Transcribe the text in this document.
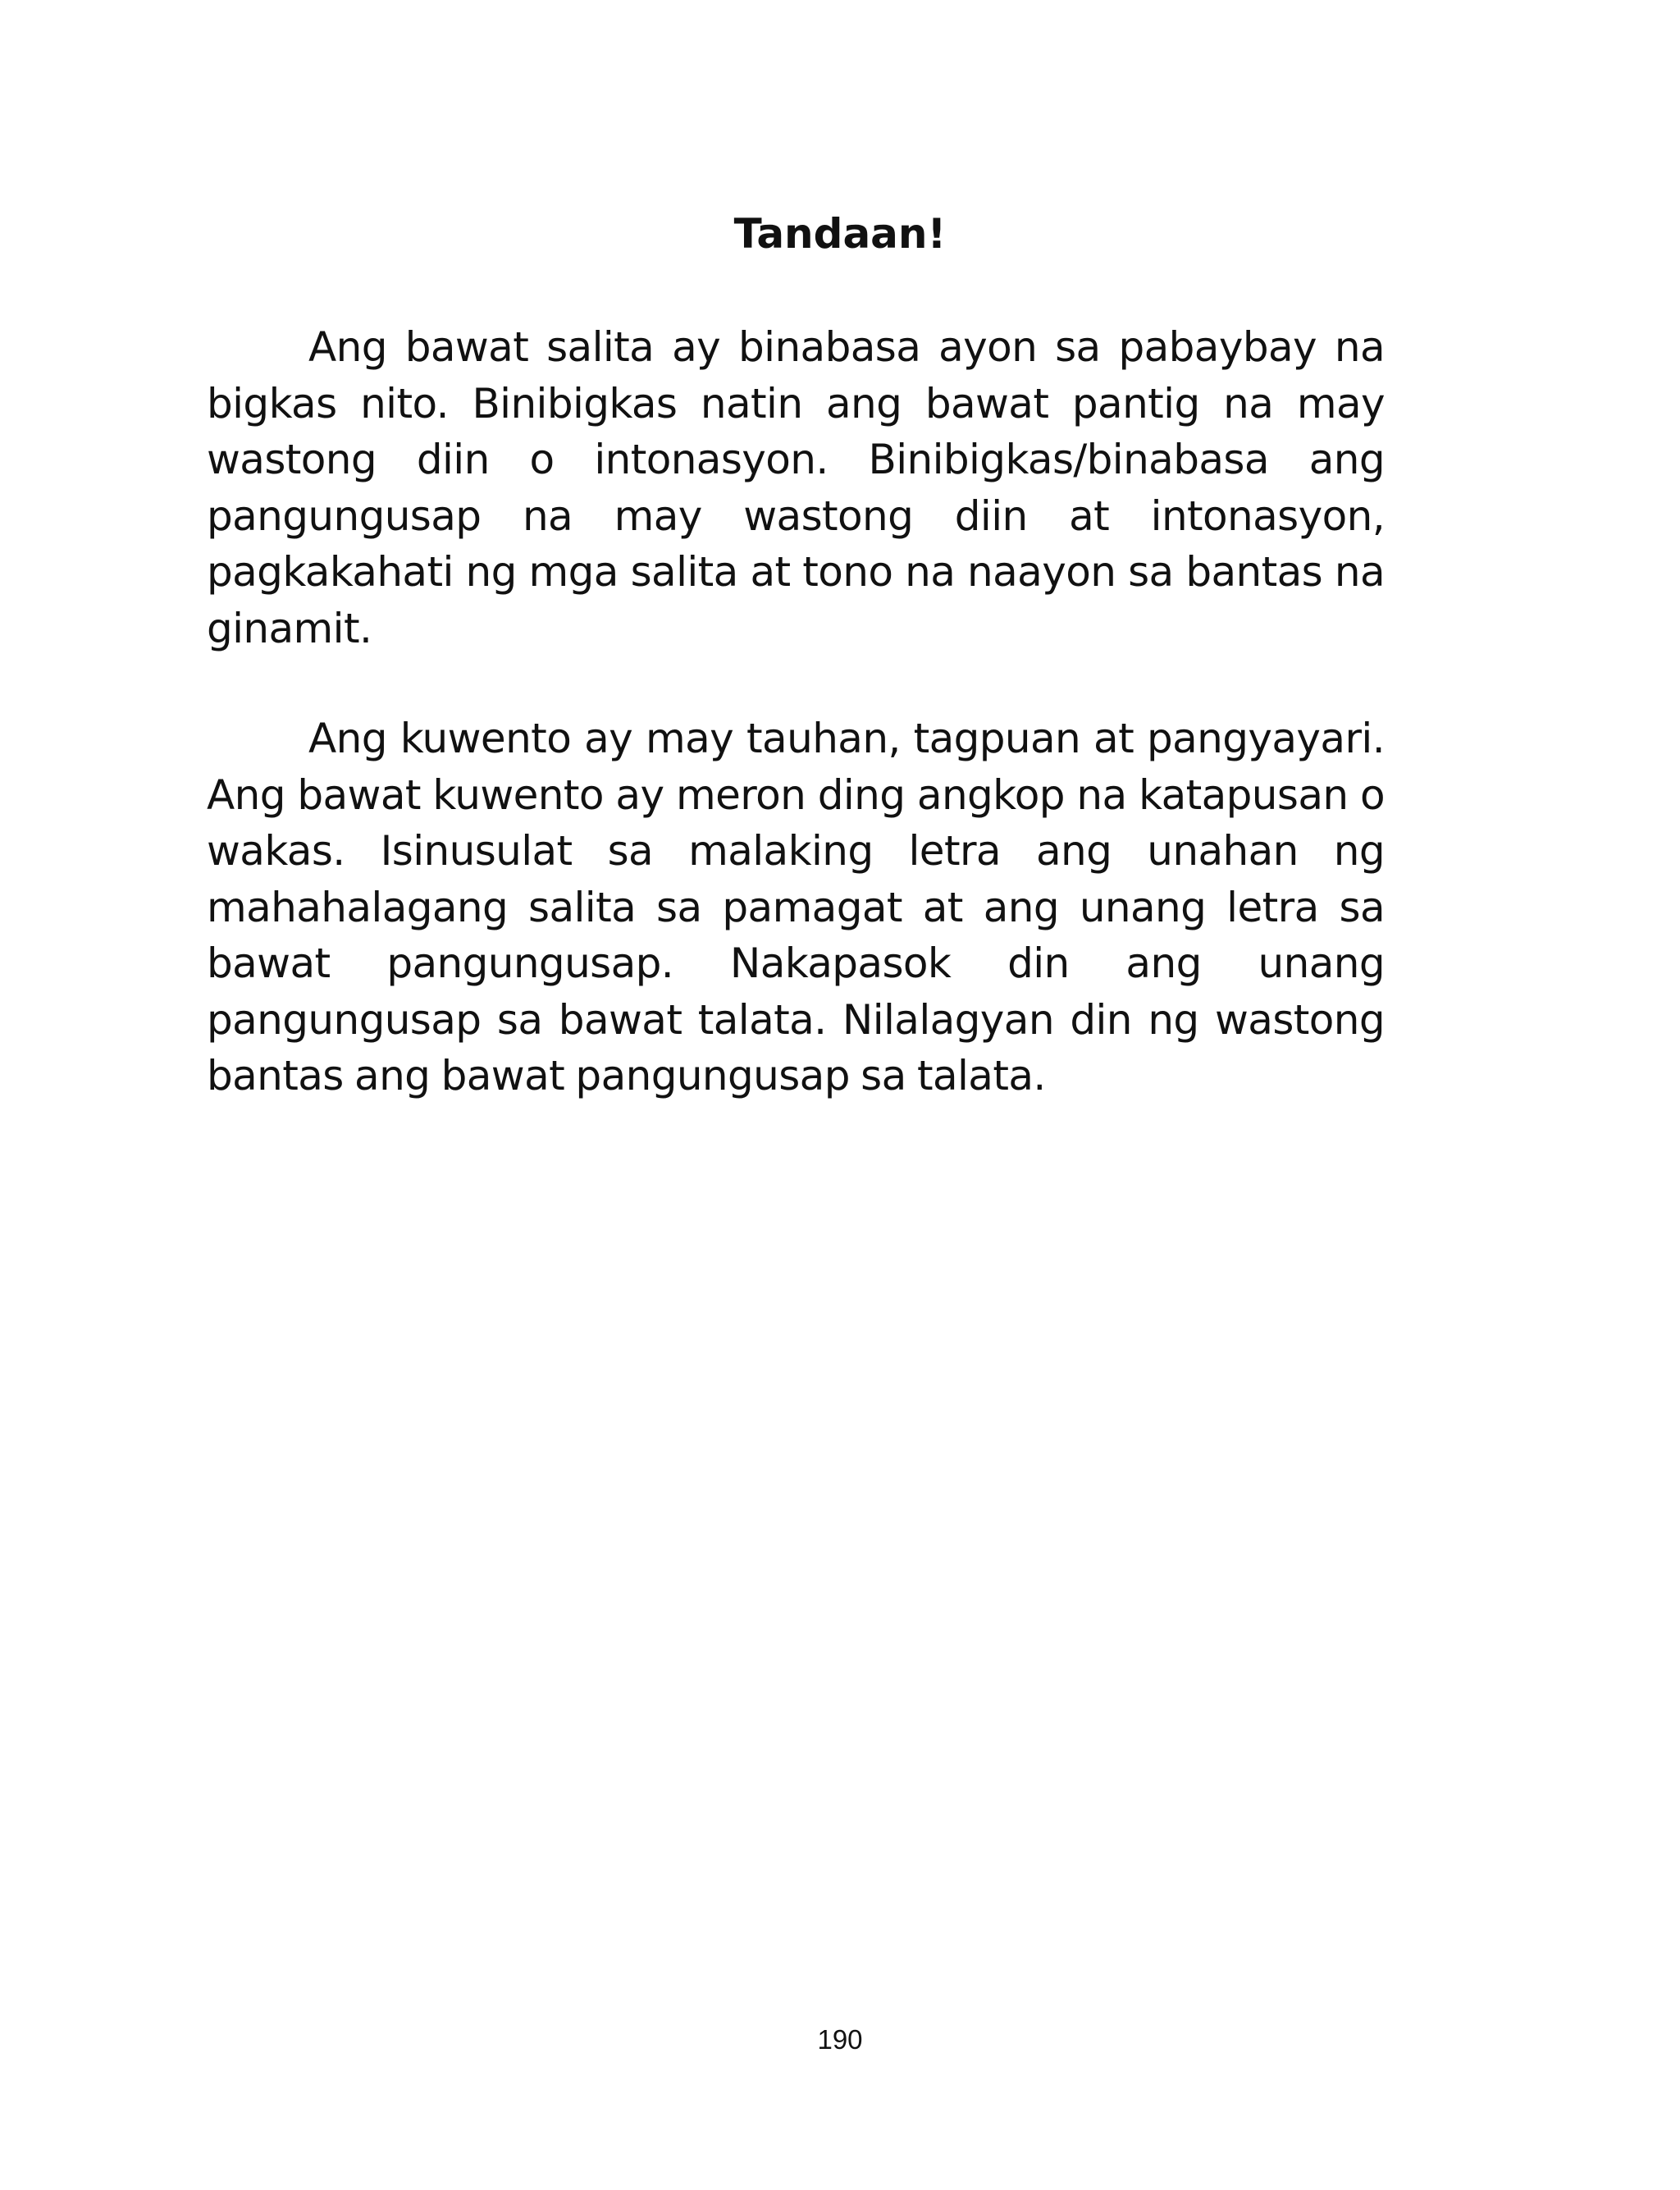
Tandaan!

Ang bawat salita ay binabasa ayon sa pabaybay na bigkas nito. Binibigkas natin ang bawat pantig na may wastong diin o intonasyon. Binibigkas/binabasa ang pangungusap na may wastong diin at intonasyon, pagkakahati ng mga salita at tono na naayon sa bantas na ginamit.

Ang kuwento ay may tauhan, tagpuan at pangyayari. Ang bawat kuwento ay meron ding angkop na katapusan o wakas. Isinusulat sa malaking letra ang unahan ng mahahalagang salita sa pamagat at ang unang letra sa bawat pangungusap. Nakapasok din ang unang pangungusap sa bawat talata. Nilalagyan din ng wastong bantas ang bawat pangungusap sa talata.

190
